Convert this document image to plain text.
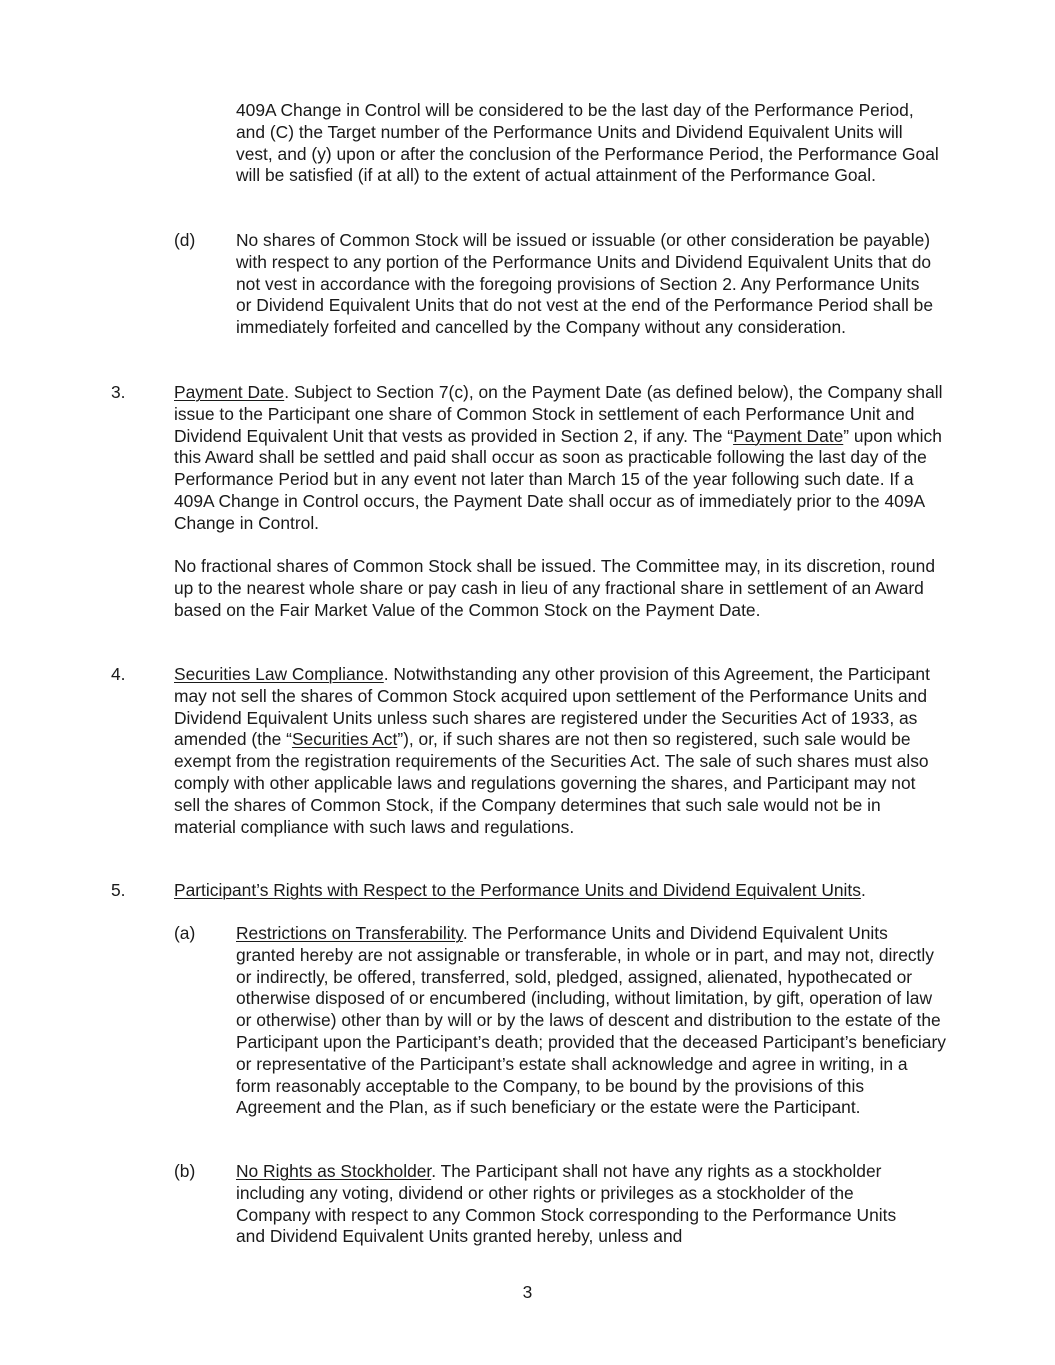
409A Change in Control will be considered to be the last day of the Performance Period, and (C) the Target number of the Performance Units and Dividend Equivalent Units will vest, and (y) upon or after the conclusion of the Performance Period, the Performance Goal will be satisfied (if at all) to the extent of actual attainment of the Performance Goal.

(d) No shares of Common Stock will be issued or issuable (or other consideration be payable) with respect to any portion of the Performance Units and Dividend Equivalent Units that do not vest in accordance with the foregoing provisions of Section 2. Any Performance Units or Dividend Equivalent Units that do not vest at the end of the Performance Period shall be immediately forfeited and cancelled by the Company without any consideration.

3.	Payment Date. Subject to Section 7(c), on the Payment Date (as defined below), the Company shall issue to the Participant one share of Common Stock in settlement of each Performance Unit and Dividend Equivalent Unit that vests as provided in Section 2, if any. The “Payment Date” upon which this Award shall be settled and paid shall occur as soon as practicable following the last day of the Performance Period but in any event not later than March 15 of the year following such date. If a 409A Change in Control occurs, the Payment Date shall occur as of immediately prior to the 409A Change in Control.

No fractional shares of Common Stock shall be issued. The Committee may, in its discretion, round up to the nearest whole share or pay cash in lieu of any fractional share in settlement of an Award based on the Fair Market Value of the Common Stock on the Payment Date.

4.	Securities Law Compliance. Notwithstanding any other provision of this Agreement, the Participant may not sell the shares of Common Stock acquired upon settlement of the Performance Units and Dividend Equivalent Units unless such shares are registered under the Securities Act of 1933, as amended (the “Securities Act”), or, if such shares are not then so registered, such sale would be exempt from the registration requirements of the Securities Act. The sale of such shares must also comply with other applicable laws and regulations governing the shares, and Participant may not sell the shares of Common Stock, if the Company determines that such sale would not be in material compliance with such laws and regulations.

5.	Participant’s Rights with Respect to the Performance Units and Dividend Equivalent Units.

(a) Restrictions on Transferability. The Performance Units and Dividend Equivalent Units granted hereby are not assignable or transferable, in whole or in part, and may not, directly or indirectly, be offered, transferred, sold, pledged, assigned, alienated, hypothecated or otherwise disposed of or encumbered (including, without limitation, by gift, operation of law or otherwise) other than by will or by the laws of descent and distribution to the estate of the Participant upon the Participant’s death; provided that the deceased Participant’s beneficiary or representative of the Participant’s estate shall acknowledge and agree in writing, in a form reasonably acceptable to the Company, to be bound by the provisions of this Agreement and the Plan, as if such beneficiary or the estate were the Participant.

(b) No Rights as Stockholder. The Participant shall not have any rights as a stockholder including any voting, dividend or other rights or privileges as a stockholder of the Company with respect to any Common Stock corresponding to the Performance Units and Dividend Equivalent Units granted hereby, unless and

3
